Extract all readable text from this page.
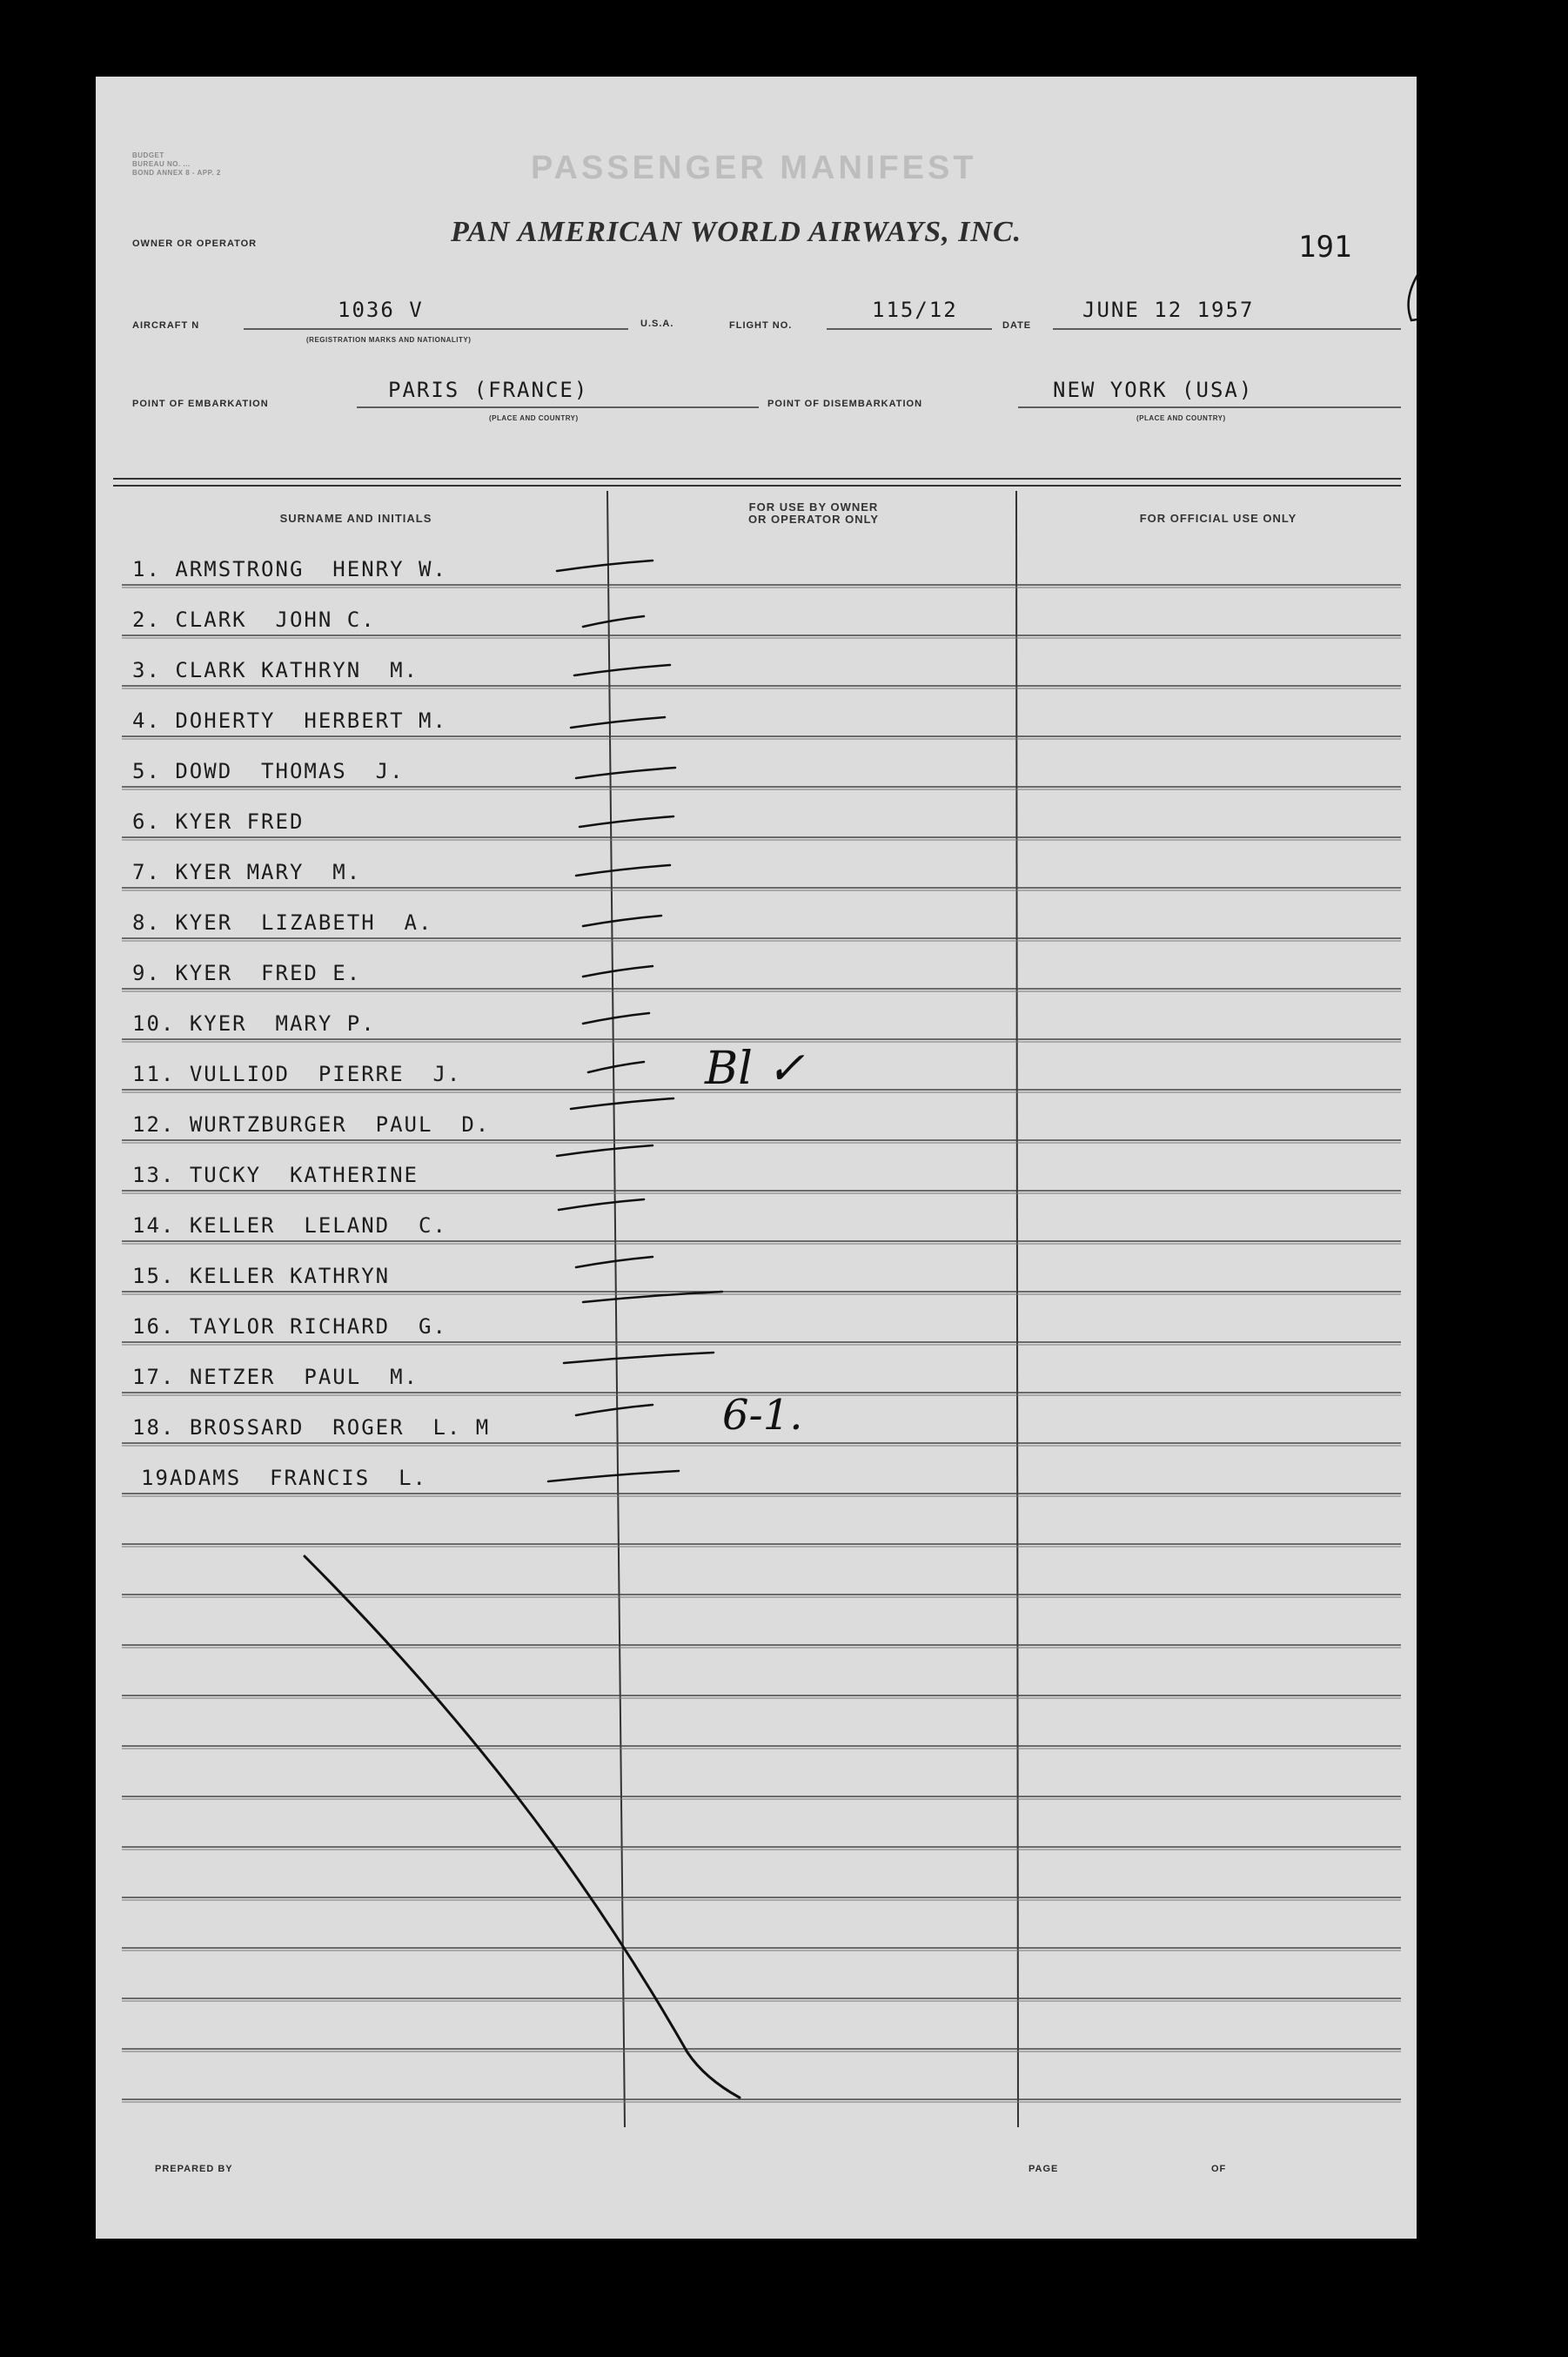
BUDGET
BUREAU NO. ...
BOND ANNEX 8 - APP. 2	PASSENGER MANIFEST
OWNER OR OPERATOR	PAN AMERICAN WORLD AIRWAYS, INC.	191
AIRCRAFT N
1036 V
(REGISTRATION MARKS AND NATIONALITY)
U.S.A.	FLIGHT NO.
115/12
DATE
JUNE 12 1957
POINT OF EMBARKATION
PARIS (FRANCE)
(PLACE AND COUNTRY)
POINT OF DISEMBARKATION
NEW YORK (USA)
(PLACE AND COUNTRY)
SURNAME AND INITIALS
FOR USE BY OWNER
OR OPERATOR ONLY	FOR OFFICIAL USE ONLY
1. ARMSTRONG  HENRY W.
2. CLARK  JOHN C.
3. CLARK KATHRYN  M.
4. DOHERTY  HERBERT M.
5. DOWD  THOMAS  J.
6. KYER FRED
7. KYER MARY  M.
8. KYER  LIZABETH  A.
9. KYER  FRED E.
10. KYER  MARY P.
11. VULLIOD  PIERRE  J.
12. WURTZBURGER  PAUL  D.
13. TUCKY  KATHERINE
14. KELLER  LELAND  C.
15. KELLER KATHRYN
16. TAYLOR RICHARD  G.
17. NETZER  PAUL  M.
18. BROSSARD  ROGER  L. M
19ADAMS  FRANCIS  L.
Bl ✓
6-1.
PREPARED BY	PAGE	OF
